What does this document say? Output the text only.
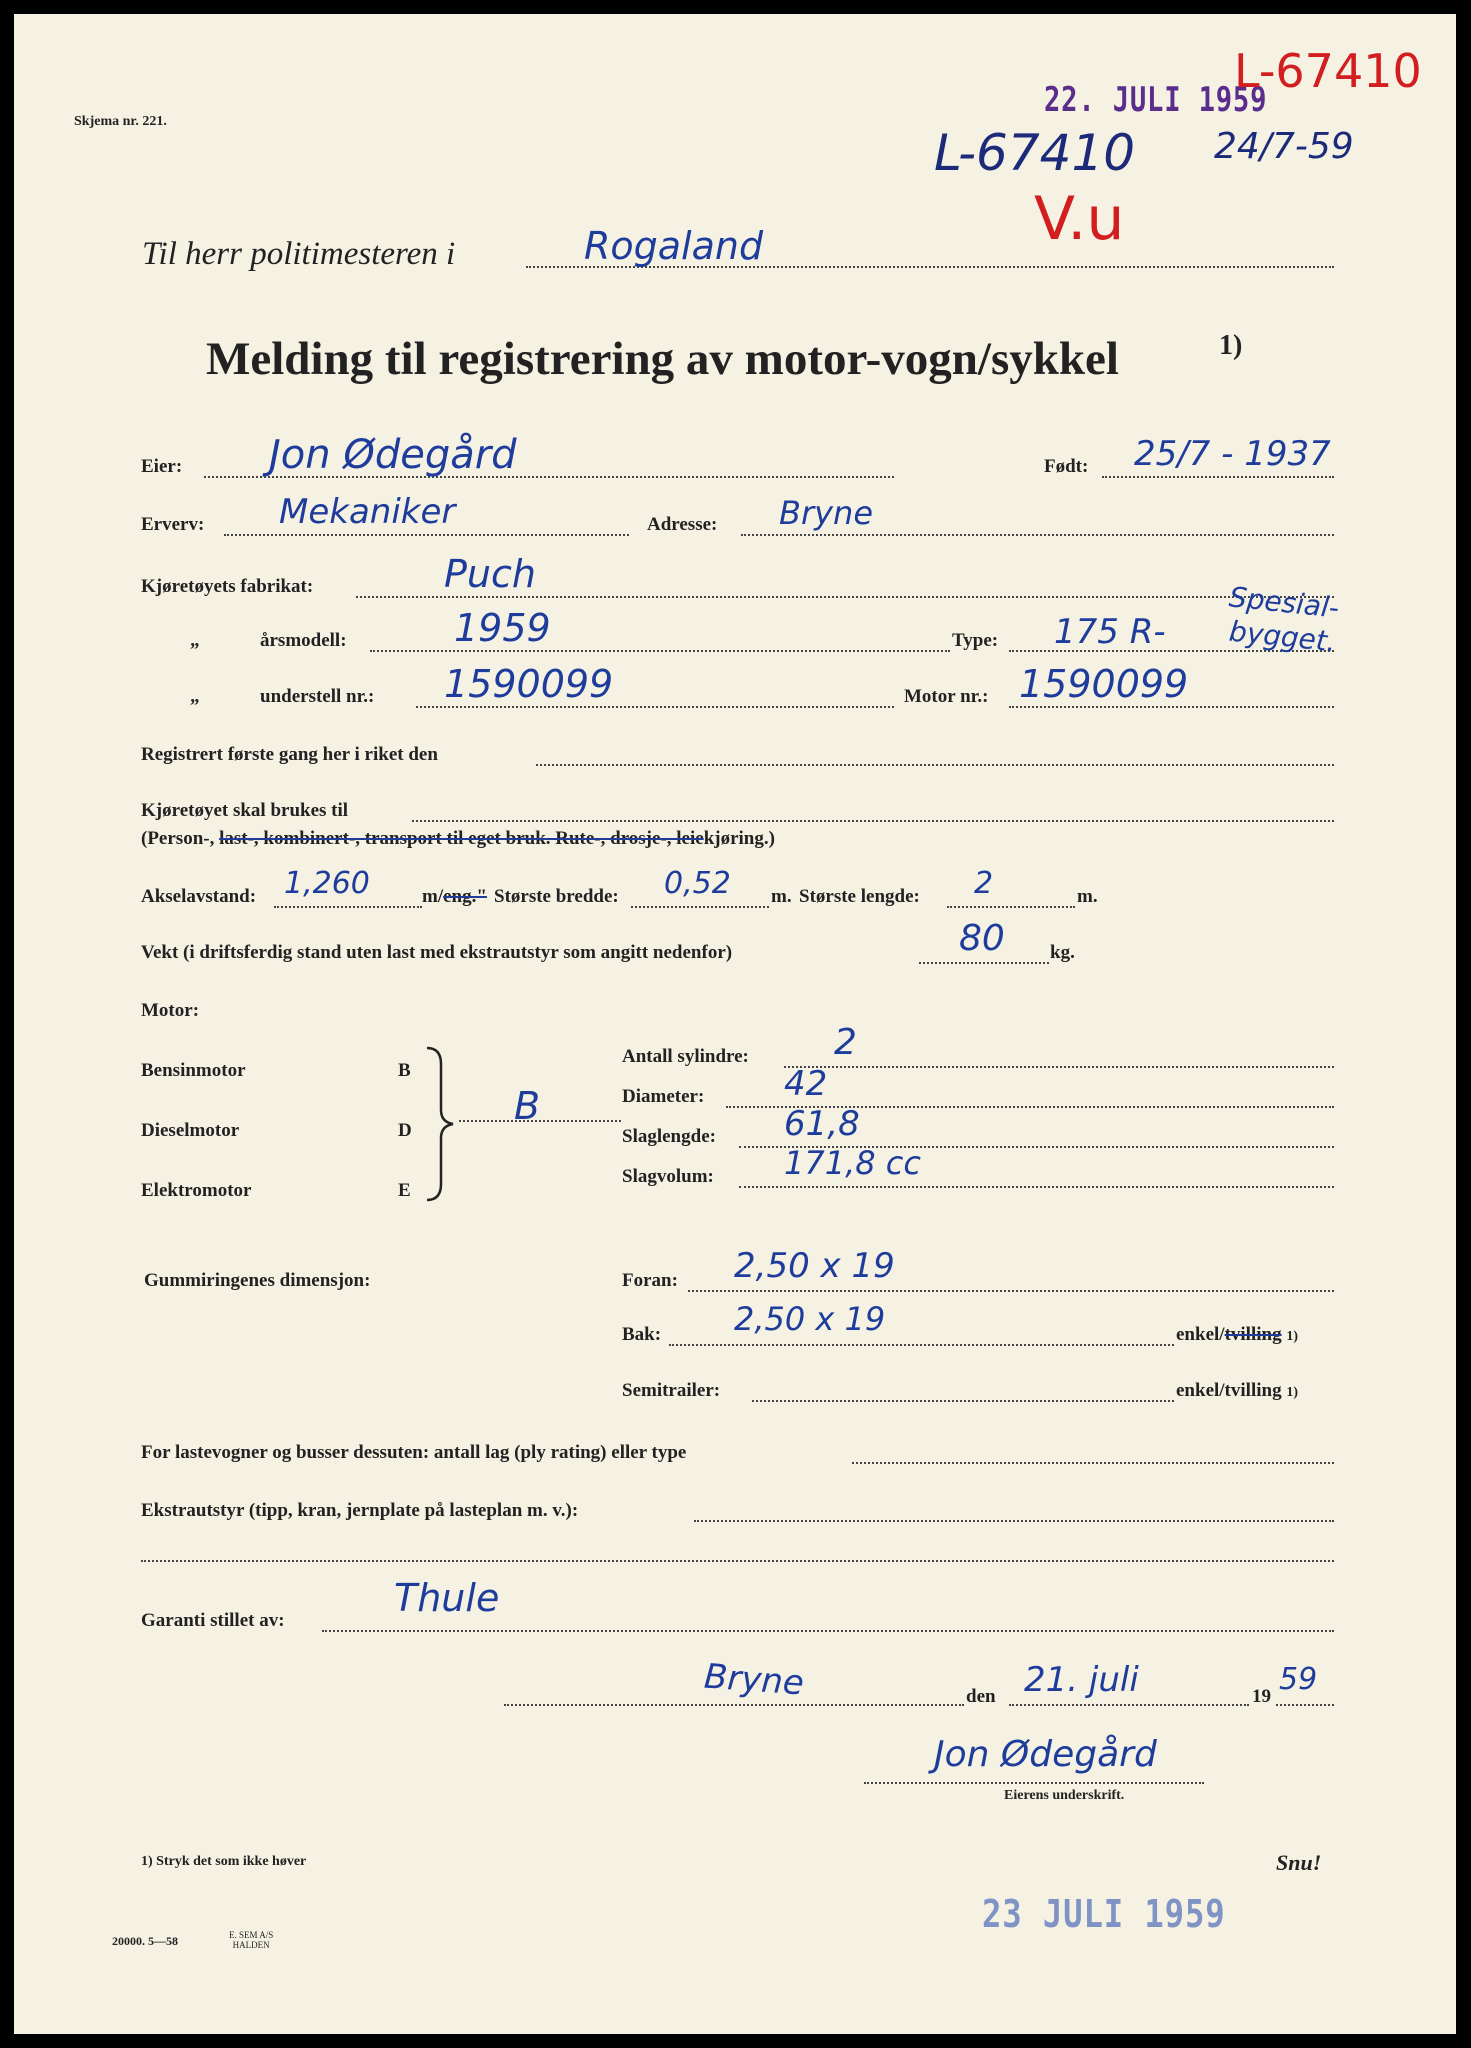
Skjema nr. 221.
22. JULI 1959
L-67410
L-67410 24/7-59
V.u
Til herr politimesteren i	Rogaland
Melding til registrering av motor-vogn/sykkel	1)
Eier: Jon Ødegård	Født: 25/7 - 1937
Erverv: Mekaniker	Adresse: Bryne
Kjøretøyets fabrikat:	Puch
„	årsmodell:	1959	Type: 175 R-
Spesial-
bygget.
„	understell nr.: 1590099	Motor nr.: 1590099
Registrert første gang her i riket den
Kjøretøyet skal brukes til
(Person-, last-, kombinert-, transport til eget bruk. Rute-, drosje-, leiekjøring.)
Akselavstand: 1,260	m/eng." Største bredde: 0,52 m. Største lengde: 2	m.
Vekt (i driftsferdig stand uten last med ekstrautstyr som angitt nedenfor)	80 kg.
Motor:
Bensinmotor	B
Dieselmotor	D
Elektromotor	E
B
Antall sylindre: 2
Diameter: 42
Slaglengde: 61,8
Slagvolum: 171,8 cc
Gummiringenes dimensjon:	Foran: 2,50 x 19
Bak: 2,50 x 19	enkel/tvilling 1)
Semitrailer:	enkel/tvilling 1)
For lastevogner og busser dessuten: antall lag (ply rating) eller type
Ekstrautstyr (tipp, kran, jernplate på lasteplan m. v.):
Garanti stillet av:
Thule
Bryne	den 21. juli	19 59
Jon Ødegård
Eierens underskrift.
1) Stryk det som ikke høver	Snu!
20000. 5—58	E. SEM A/S
HALDEN
23 JULI 1959
